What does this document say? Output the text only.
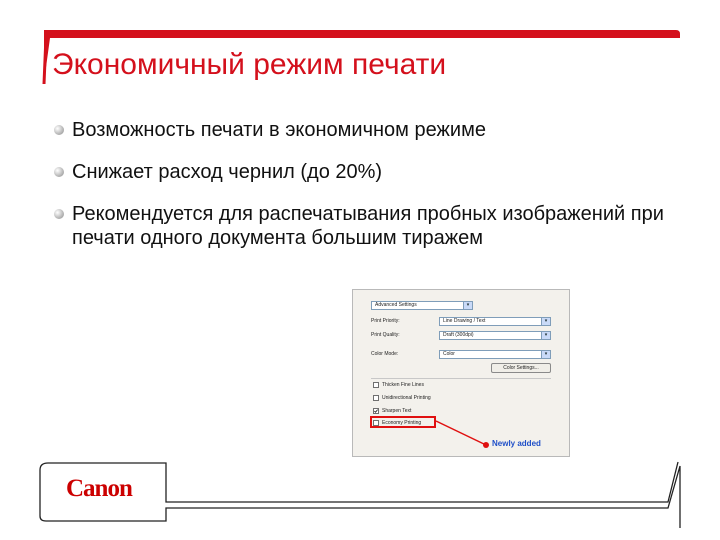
Экономичный режим печати
Возможность печати в экономичном режиме
Снижает расход чернил (до 20%)
Рекомендуется для распечатывания пробных изображений при печати одного документа большим тиражем
Advanced Settings	▾
Print Priority:	Line Drawing / Text	▾
Print Quality:	Draft (300dpi)	▾
Color Mode:	Color	▾
Color Settings...
Thicken Fine Lines
Unidirectional Printing
Sharpen Text
Economy Printing
Newly added
Canon
